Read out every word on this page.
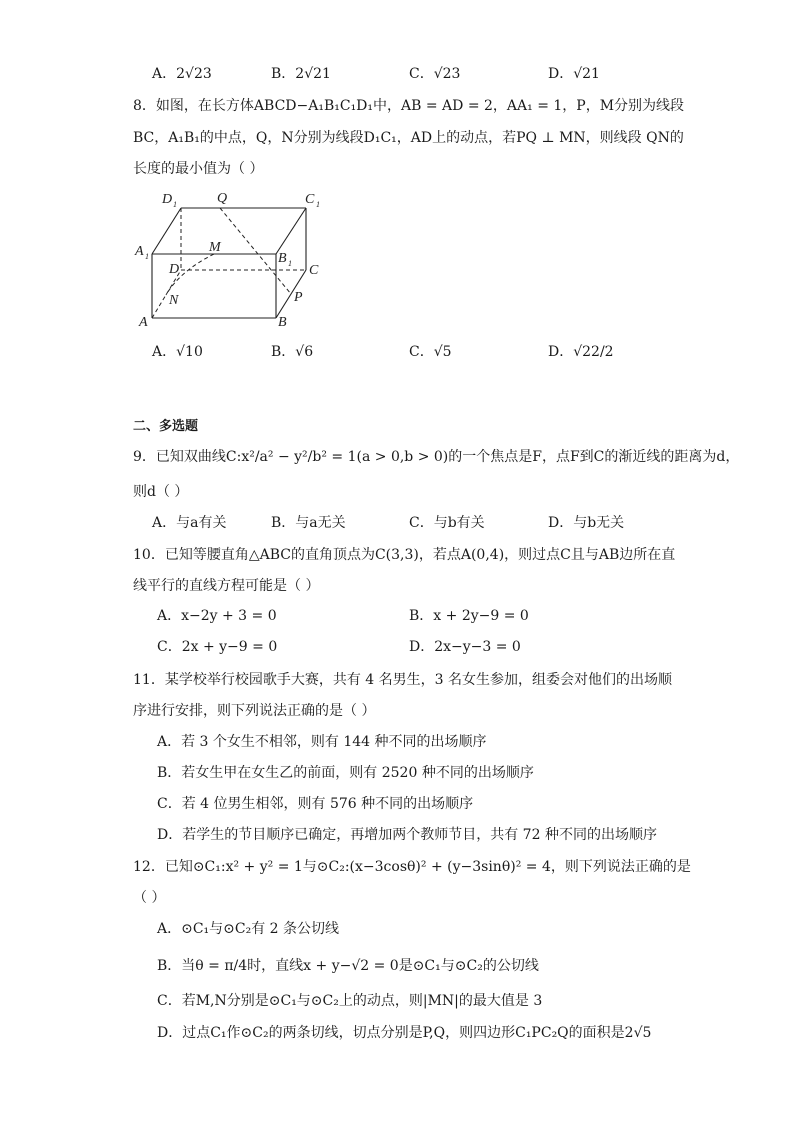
A．2√23	B．2√21	C．√23	D．√21
8．如图，在长方体ABCD−A₁B₁C₁D₁中，AB = AD = 2，AA₁ = 1，P，M分别为线段
BC，A₁B₁的中点，Q，N分别为线段D₁C₁，AD上的动点，若PQ ⊥ MN，则线段 QN的
长度的最小值为（ ）
D 1	Q	C 1
A 1
M
D
B 1 C
N	P
A	B
A．√10	B．√6	C．√5	D．√22/2
二、多选题
9．已知双曲线C:x²/a² − y²/b² = 1(a > 0,b > 0)的一个焦点是F，点F到C的渐近线的距离为d，
则d（ ）
A．与a有关	B．与a无关	C．与b有关	D．与b无关
10．已知等腰直角△ABC的直角顶点为C(3,3)，若点A(0,4)，则过点C且与AB边所在直
线平行的直线方程可能是（ ）
A．x−2y + 3 = 0	B．x + 2y−9 = 0
C．2x + y−9 = 0	D．2x−y−3 = 0
11．某学校举行校园歌手大赛，共有 4 名男生，3 名女生参加，组委会对他们的出场顺
序进行安排，则下列说法正确的是（ ）
A．若 3 个女生不相邻，则有 144 种不同的出场顺序
B．若女生甲在女生乙的前面，则有 2520 种不同的出场顺序
C．若 4 位男生相邻，则有 576 种不同的出场顺序
D．若学生的节目顺序已确定，再增加两个教师节目，共有 72 种不同的出场顺序
12．已知⊙C₁:x² + y² = 1与⊙C₂:(x−3cosθ)² + (y−3sinθ)² = 4，则下列说法正确的是
（ ）
A．⊙C₁与⊙C₂有 2 条公切线
B．当θ = π/4时，直线x + y−√2 = 0是⊙C₁与⊙C₂的公切线
C．若M,N分别是⊙C₁与⊙C₂上的动点，则|MN|的最大值是 3
D．过点C₁作⊙C₂的两条切线，切点分别是P,Q，则四边形C₁PC₂Q的面积是2√5
